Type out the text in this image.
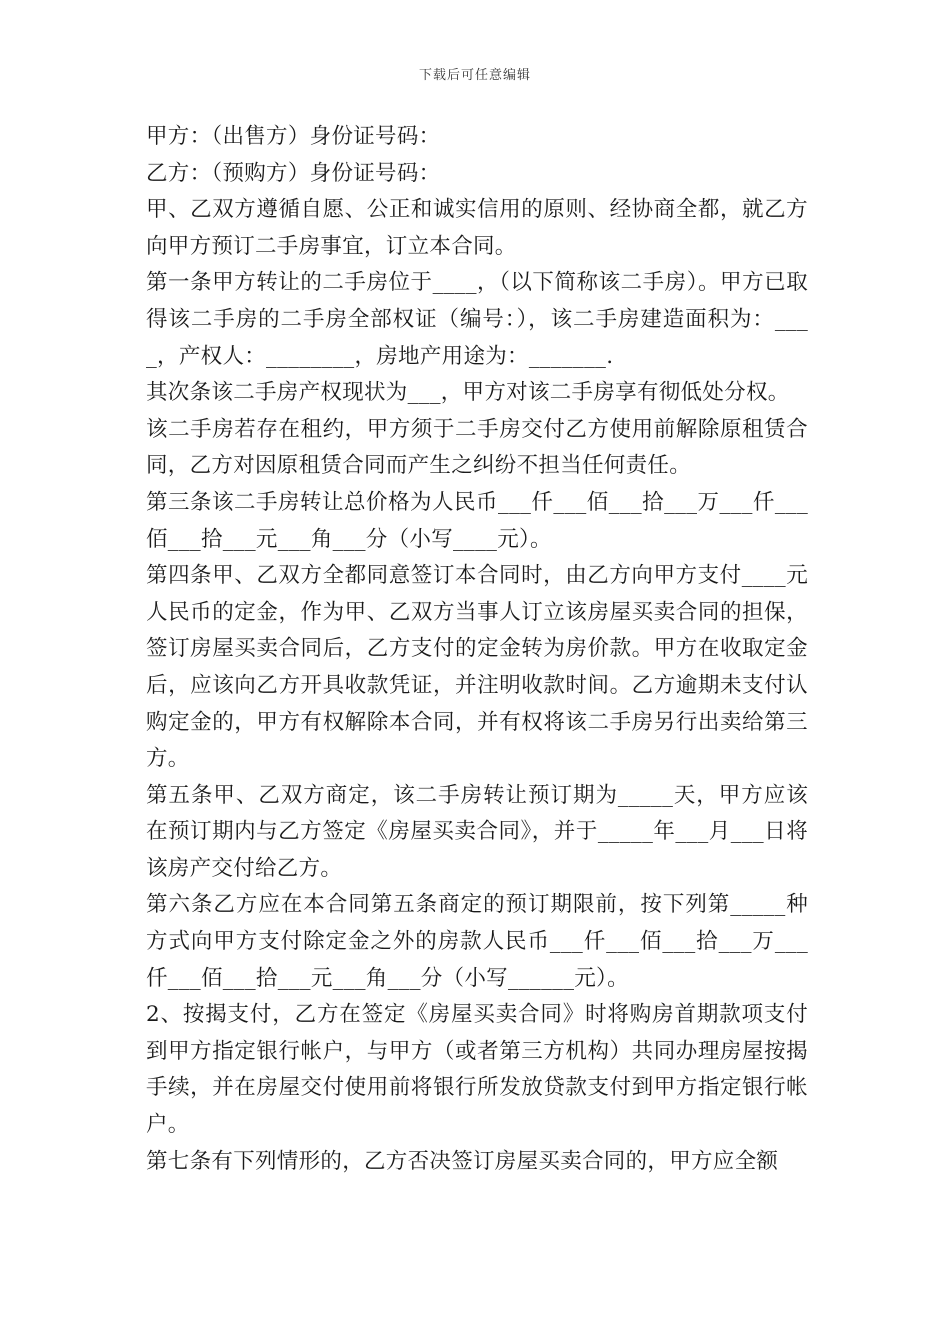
下载后可任意编辑

甲方：（出售方）身份证号码：

乙方：（预购方）身份证号码：

甲、乙双方遵循自愿、公正和诚实信用的原则、经协商全都，就乙方向甲方预订二手房事宜，订立本合同。

第一条甲方转让的二手房位于____，（以下简称该二手房）。甲方已取得该二手房的二手房全部权证（编号：），该二手房建造面积为：____，产权人：________，房地产用途为：_______.

其次条该二手房产权现状为___，甲方对该二手房享有彻低处分权。

该二手房若存在租约，甲方须于二手房交付乙方使用前解除原租赁合同，乙方对因原租赁合同而产生之纠纷不担当任何责任。

第三条该二手房转让总价格为人民币___仟___佰___拾___万___仟___佰___拾___元___角___分（小写____元）。

第四条甲、乙双方全都同意签订本合同时，由乙方向甲方支付____元人民币的定金，作为甲、乙双方当事人订立该房屋买卖合同的担保，签订房屋买卖合同后，乙方支付的定金转为房价款。甲方在收取定金后，应该向乙方开具收款凭证，并注明收款时间。乙方逾期未支付认购定金的，甲方有权解除本合同，并有权将该二手房另行出卖给第三方。

第五条甲、乙双方商定，该二手房转让预订期为_____天，甲方应该在预订期内与乙方签定《房屋买卖合同》，并于_____年___月___日将该房产交付给乙方。

第六条乙方应在本合同第五条商定的预订期限前，按下列第_____种方式向甲方支付除定金之外的房款人民币___仟___佰___拾___万___仟___佰___拾___元___角___分（小写______元）。

2、按揭支付，乙方在签定《房屋买卖合同》时将购房首期款项支付到甲方指定银行帐户，与甲方（或者第三方机构）共同办理房屋按揭手续，并在房屋交付使用前将银行所发放贷款支付到甲方指定银行帐户。

第七条有下列情形的，乙方否决签订房屋买卖合同的，甲方应全额
